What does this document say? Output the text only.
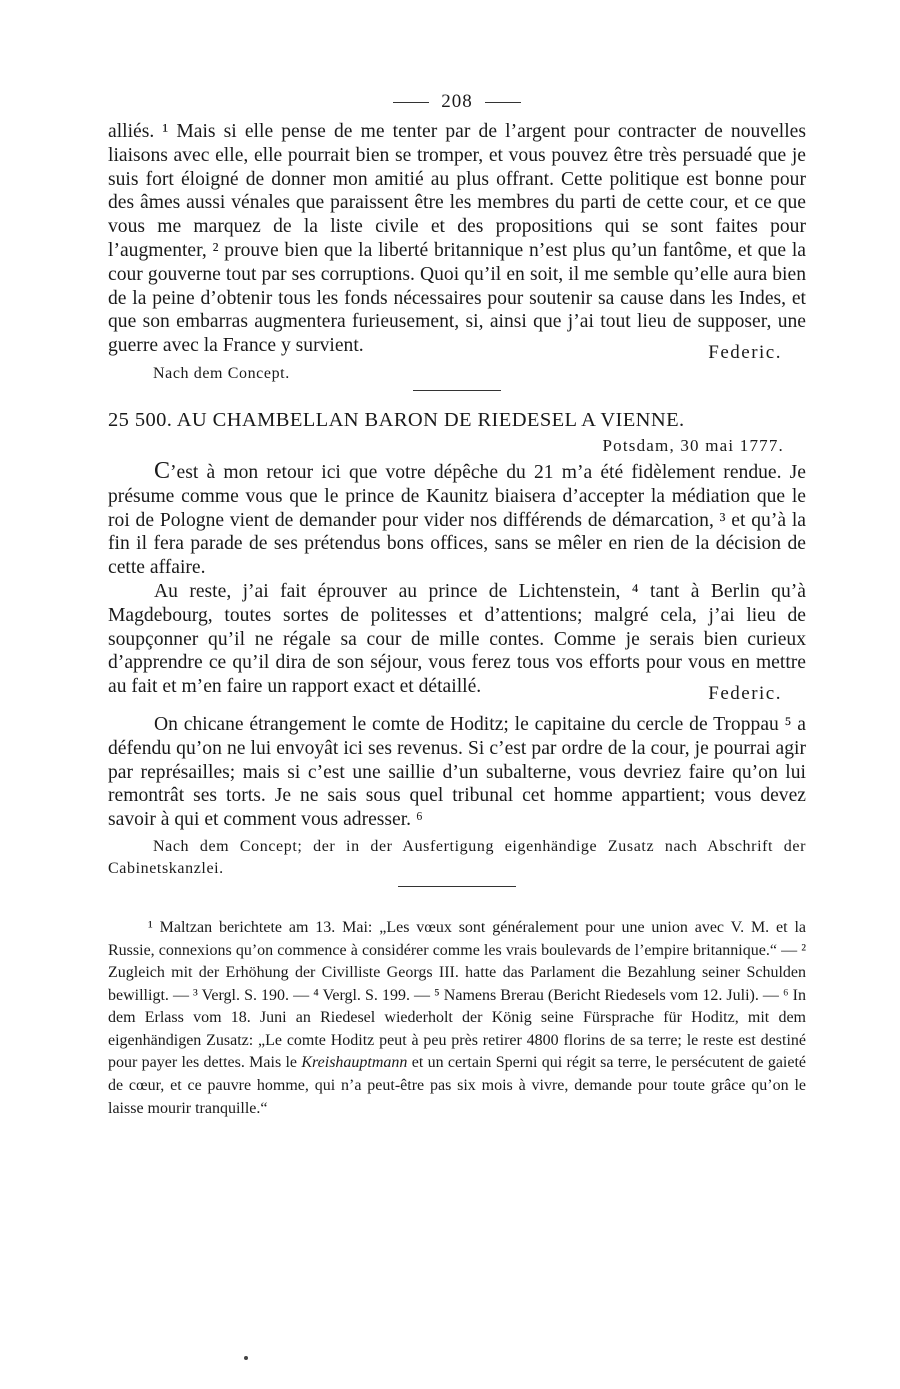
208

alliés. ¹ Mais si elle pense de me tenter par de l’argent pour contracter de nouvelles liaisons avec elle, elle pourrait bien se tromper, et vous pouvez être très persuadé que je suis fort éloigné de donner mon amitié au plus offrant. Cette politique est bonne pour des âmes aussi vénales que paraissent être les membres du parti de cette cour, et ce que vous me marquez de la liste civile et des propositions qui se sont faites pour l’augmenter, ² prouve bien que la liberté britannique n’est plus qu’un fantôme, et que la cour gouverne tout par ses corruptions. Quoi qu’il en soit, il me semble qu’elle aura bien de la peine d’obtenir tous les fonds nécessaires pour soutenir sa cause dans les Indes, et que son embarras augmentera furieusement, si, ainsi que j’ai tout lieu de supposer, une guerre avec la France y survient.	Federic.
Nach dem Concept.
25 500. AU CHAMBELLAN BARON DE RIEDESEL A VIENNE.
Potsdam, 30 mai 1777.

C’est à mon retour ici que votre dépêche du 21 m’a été fidèlement rendue. Je présume comme vous que le prince de Kaunitz biaisera d’accepter la médiation que le roi de Pologne vient de demander pour vider nos différends de démarcation, ³ et qu’à la fin il fera parade de ses prétendus bons offices, sans se mêler en rien de la décision de cette affaire.

Au reste, j’ai fait éprouver au prince de Lichtenstein, ⁴ tant à Berlin qu’à Magdebourg, toutes sortes de politesses et d’attentions; malgré cela, j’ai lieu de soupçonner qu’il ne régale sa cour de mille contes. Comme je serais bien curieux d’apprendre ce qu’il dira de son séjour, vous ferez tous vos efforts pour vous en mettre au fait et m’en faire un rapport exact et détaillé.	Federic.

On chicane étrangement le comte de Hoditz; le capitaine du cercle de Troppau ⁵ a défendu qu’on ne lui envoyât ici ses revenus. Si c’est par ordre de la cour, je pourrai agir par représailles; mais si c’est une saillie d’un subalterne, vous devriez faire qu’on lui remontrât ses torts. Je ne sais sous quel tribunal cet homme appartient; vous devez savoir à qui et comment vous adresser. ⁶

Nach dem Concept; der in der Ausfertigung eigenhändige Zusatz nach Abschrift der Cabinetskanzlei.

¹ Maltzan berichtete am 13. Mai: „Les vœux sont généralement pour une union avec V. M. et la Russie, connexions qu’on commence à considérer comme les vrais boulevards de l’empire britannique.“ — ² Zugleich mit der Erhöhung der Civilliste Georgs III. hatte das Parlament die Bezahlung seiner Schulden bewilligt. — ³ Vergl. S. 190. — ⁴ Vergl. S. 199. — ⁵ Namens Brerau (Bericht Riedesels vom 12. Juli). — ⁶ In dem Erlass vom 18. Juni an Riedesel wiederholt der König seine Fürsprache für Hoditz, mit dem eigenhändigen Zusatz: „Le comte Hoditz peut à peu près retirer 4800 florins de sa terre; le reste est destiné pour payer les dettes. Mais le Kreishauptmann et un certain Sperni qui régit sa terre, le persécutent de gaieté de cœur, et ce pauvre homme, qui n’a peut-être pas six mois à vivre, demande pour toute grâce qu’on le laisse mourir tranquille.“
